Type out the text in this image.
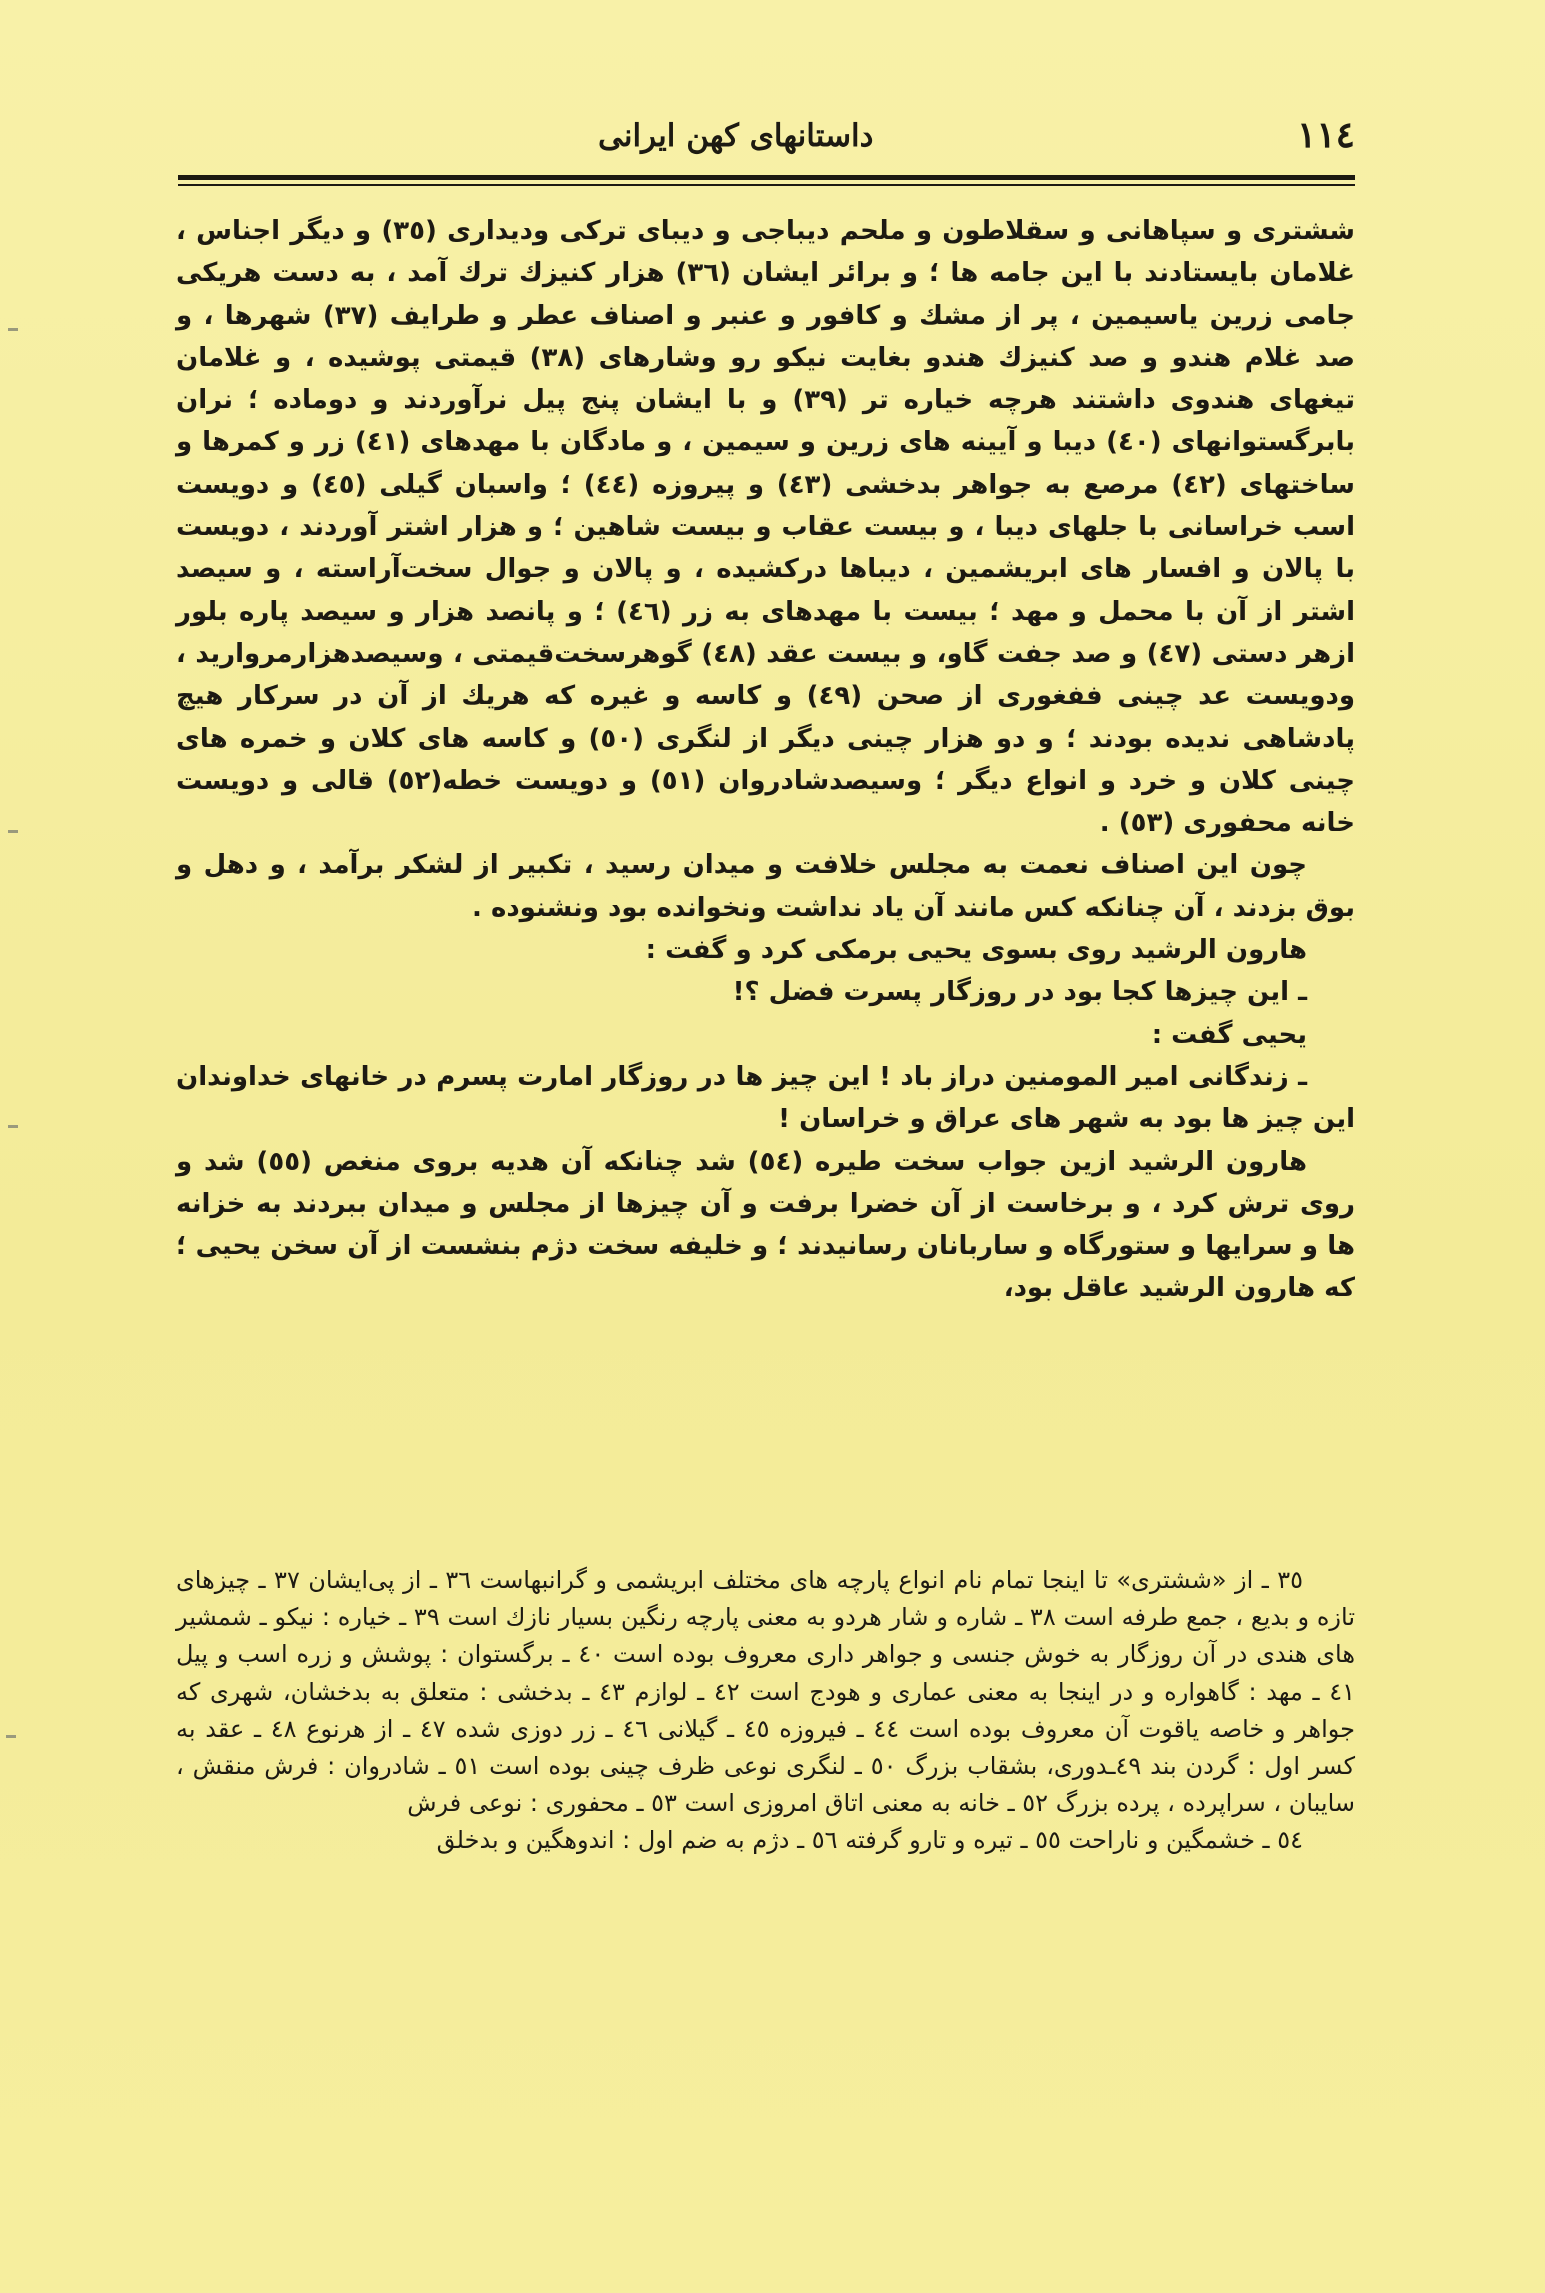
١١٤
داستانهای کهن ایرانی

ششتری و سپاهانی و سقلاطون و ملحم دیباجی و دیبای ترکی ودیداری (٣٥) و دیگر اجناس ، غلامان بایستادند با این جامه ها ؛ و برائر ایشان (٣٦) هزار کنیزك ترك آمد ، به دست هریکی جامی زرین یاسیمین ، پر از مشك و کافور و عنبر و اصناف عطر و طرایف (٣٧) شهرها ، و صد غلام هندو و صد کنیزك هندو بغایت نیکو رو وشارهای (٣٨) قیمتی پوشیده ، و غلامان تیغهای هندوی داشتند هرچه خیاره تر (٣٩) و با ایشان پنج پیل نرآوردند و دوماده ؛ نران بابرگستوانهای (٤٠) دیبا و آیینه های زرین و سیمین ، و مادگان با مهدهای (٤١) زر و کمرها و ساختهای (٤٢) مرصع به جواهر بدخشی (٤٣) و پیروزه (٤٤) ؛ واسبان گیلی (٤٥) و دویست اسب خراسانی با جلهای دیبا ، و بیست عقاب و بیست شاهین ؛ و هزار اشتر آوردند ، دویست با پالان و افسار های ابریشمین ، دیباها درکشیده ، و پالان و جوال سخت‌آراسته ، و سیصد اشتر از آن با محمل و مهد ؛ بیست با مهدهای به زر (٤٦) ؛ و پانصد هزار و سیصد پاره بلور ازهر دستی (٤٧) و صد جفت گاو، و بیست عقد (٤٨) گوهرسخت‌قیمتی ، وسیصدهزارمروارید ، ودویست عد چینی ففغوری از صحن (٤٩) و کاسه و غیره که هریك از آن در سرکار هیچ پادشاهی ندیده بودند ؛ و دو هزار چینی دیگر از لنگری (٥٠) و کاسه های کلان و خمره های چینی کلان و خرد و انواع دیگر ؛ وسیصدشادروان (٥١) و دویست خطه(٥٢) قالی و دویست خانه محفوری (٥٣) .

چون این اصناف نعمت به مجلس خلافت و میدان رسید ، تکبیر از لشکر برآمد ، و دهل و بوق بزدند ، آن چنانکه کس مانند آن یاد نداشت ونخوانده بود ونشنوده .

هارون الرشید روی بسوی یحیی برمکی کرد و گفت :

ـ این چیزها کجا بود در روزگار پسرت فضل ؟!

یحیی گفت :

ـ زندگانی امیر المومنین دراز باد ! این چیز ها در روزگار امارت پسرم در خانهای خداوندان این چیز ها بود به شهر های عراق و خراسان !

هارون الرشید ازین جواب سخت طیره (٥٤) شد چنانکه آن هدیه بروی منغص (٥٥) شد و روی ترش کرد ، و برخاست از آن خضرا برفت و آن چیزها از مجلس و میدان ببردند به خزانه ها و سرایها و ستورگاه و ساربانان رسانیدند ؛ و خلیفه سخت دژم بنشست از آن سخن یحیی ؛ که هارون الرشید عاقل بود،

٣٥ ـ از «ششتری» تا اینجا تمام نام انواع پارچه های مختلف ابریشمی و گرانبهاست ٣٦ ـ از پی‌ایشان ٣٧ ـ چیزهای تازه و بدیع ، جمع طرفه است ٣٨ ـ شاره و شار هردو به معنی پارچه رنگین بسیار نازك است ٣٩ ـ خیاره : نیکو ـ شمشیر های هندی در آن روزگار به خوش جنسی و جواهر داری معروف بوده است ٤٠ ـ برگستوان : پوشش و زره اسب و پیل ٤١ ـ مهد : گاهواره و در اینجا به معنی عماری و هودج است ٤٢ ـ لوازم ٤٣ ـ بدخشی : متعلق به بدخشان، شهری که جواهر و خاصه یاقوت آن معروف بوده است ٤٤ ـ فیروزه ٤٥ ـ گیلانی ٤٦ ـ زر دوزی شده ٤٧ ـ از هرنوع ٤٨ ـ عقد به کسر اول : گردن بند ٤٩ـدوری، بشقاب بزرگ ٥٠ ـ لنگری نوعی ظرف چینی بوده است ٥١ ـ شادروان : فرش منقش ، سایبان ، سراپرده ، پرده بزرگ ٥٢ ـ خانه به معنی اتاق امروزی است ٥٣ ـ محفوری : نوعی فرش

٥٤ ـ خشمگین و ناراحت ٥٥ ـ تیره و تارو گرفته ٥٦ ـ دژم به ضم اول : اندوهگین و بدخلق
